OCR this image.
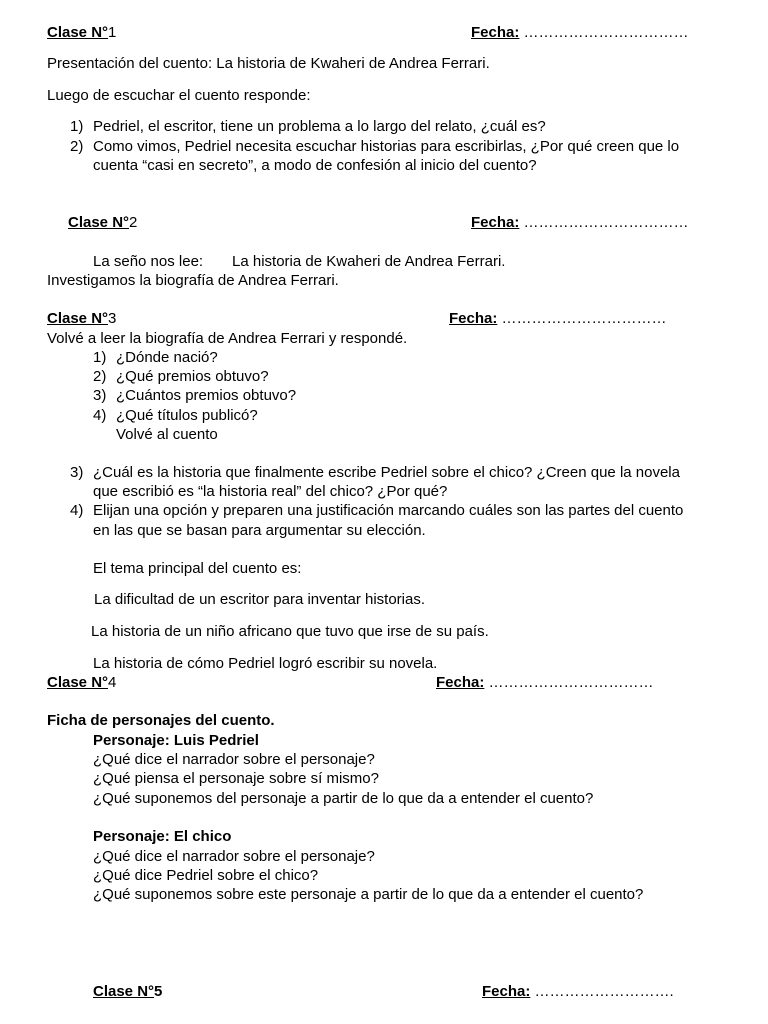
Clase N°1	Fecha: ……………………………
Presentación del cuento: La historia de Kwaheri de Andrea Ferrari.
Luego de escuchar el cuento responde:
1) Pedriel, el escritor, tiene un problema a lo largo del relato, ¿cuál es?
2) Como vimos, Pedriel necesita escuchar historias para escribirlas, ¿Por qué creen que lo
cuenta “casi en secreto”, a modo de confesión al inicio del cuento?
Clase N°2	Fecha: ……………………………
La seño nos lee: La historia de Kwaheri de Andrea Ferrari.
Investigamos la biografía de Andrea Ferrari.
Clase N°3	Fecha: ……………………………
Volvé a leer la biografía de Andrea Ferrari y respondé.
1) ¿Dónde nació?
2) ¿Qué premios obtuvo?
3) ¿Cuántos premios obtuvo?
4) ¿Qué títulos publicó?
Volvé al cuento
3) ¿Cuál es la historia que finalmente escribe Pedriel sobre el chico? ¿Creen que la novela
que escribió es “la historia real” del chico? ¿Por qué?
4) Elijan una opción y preparen una justificación marcando cuáles son las partes del cuento
en las que se basan para argumentar su elección.
El tema principal del cuento es:
La dificultad de un escritor para inventar historias.
La historia de un niño africano que tuvo que irse de su país.
La historia de cómo Pedriel logró escribir su novela.
Clase N°4	Fecha: ……………………………
Ficha de personajes del cuento.
Personaje: Luis Pedriel
¿Qué dice el narrador sobre el personaje?
¿Qué piensa el personaje sobre sí mismo?
¿Qué suponemos del personaje a partir de lo que da a entender el cuento?
Personaje: El chico
¿Qué dice el narrador sobre el personaje?
¿Qué dice Pedriel sobre el chico?
¿Qué suponemos sobre este personaje a partir de lo que da a entender el cuento?
Clase N°5	Fecha: ……………………….
